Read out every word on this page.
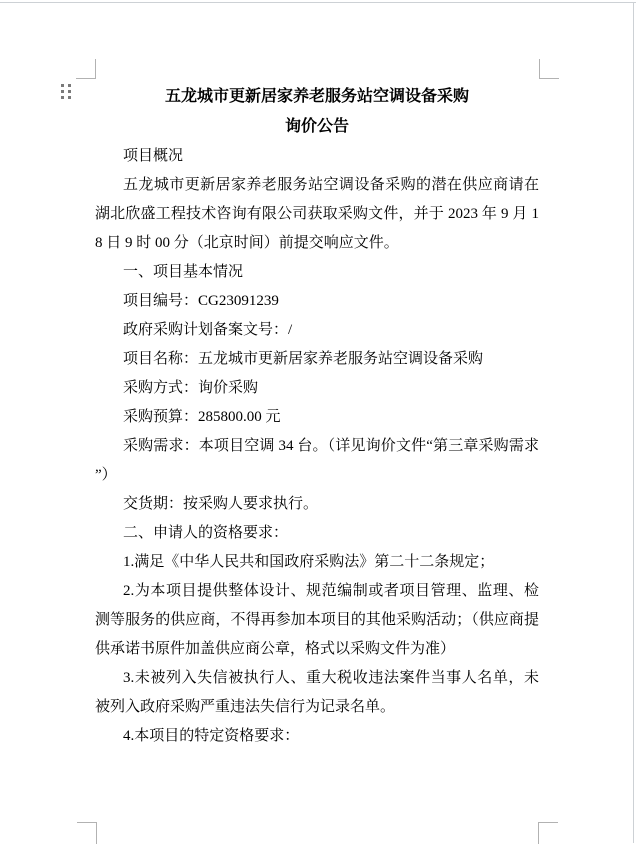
五龙城市更新居家养老服务站空调设备采购

询价公告

项目概况

五龙城市更新居家养老服务站空调设备采购的潜在供应商请在湖北欣盛工程技术咨询有限公司获取采购文件，并于 2023 年 9 月 18 日 9 时 00 分（北京时间）前提交响应文件。

一、项目基本情况

项目编号：CG23091239

政府采购计划备案文号：/

项目名称：五龙城市更新居家养老服务站空调设备采购

采购方式：询价采购

采购预算：285800.00 元

采购需求：本项目空调 34 台。（详见询价文件“第三章采购需求”）

交货期：按采购人要求执行。

二、申请人的资格要求：

1.满足《中华人民共和国政府采购法》第二十二条规定；

2.为本项目提供整体设计、规范编制或者项目管理、监理、检测等服务的供应商，不得再参加本项目的其他采购活动；（供应商提供承诺书原件加盖供应商公章，格式以采购文件为准）

3.未被列入失信被执行人、重大税收违法案件当事人名单，未被列入政府采购严重违法失信行为记录名单。

4.本项目的特定资格要求：
